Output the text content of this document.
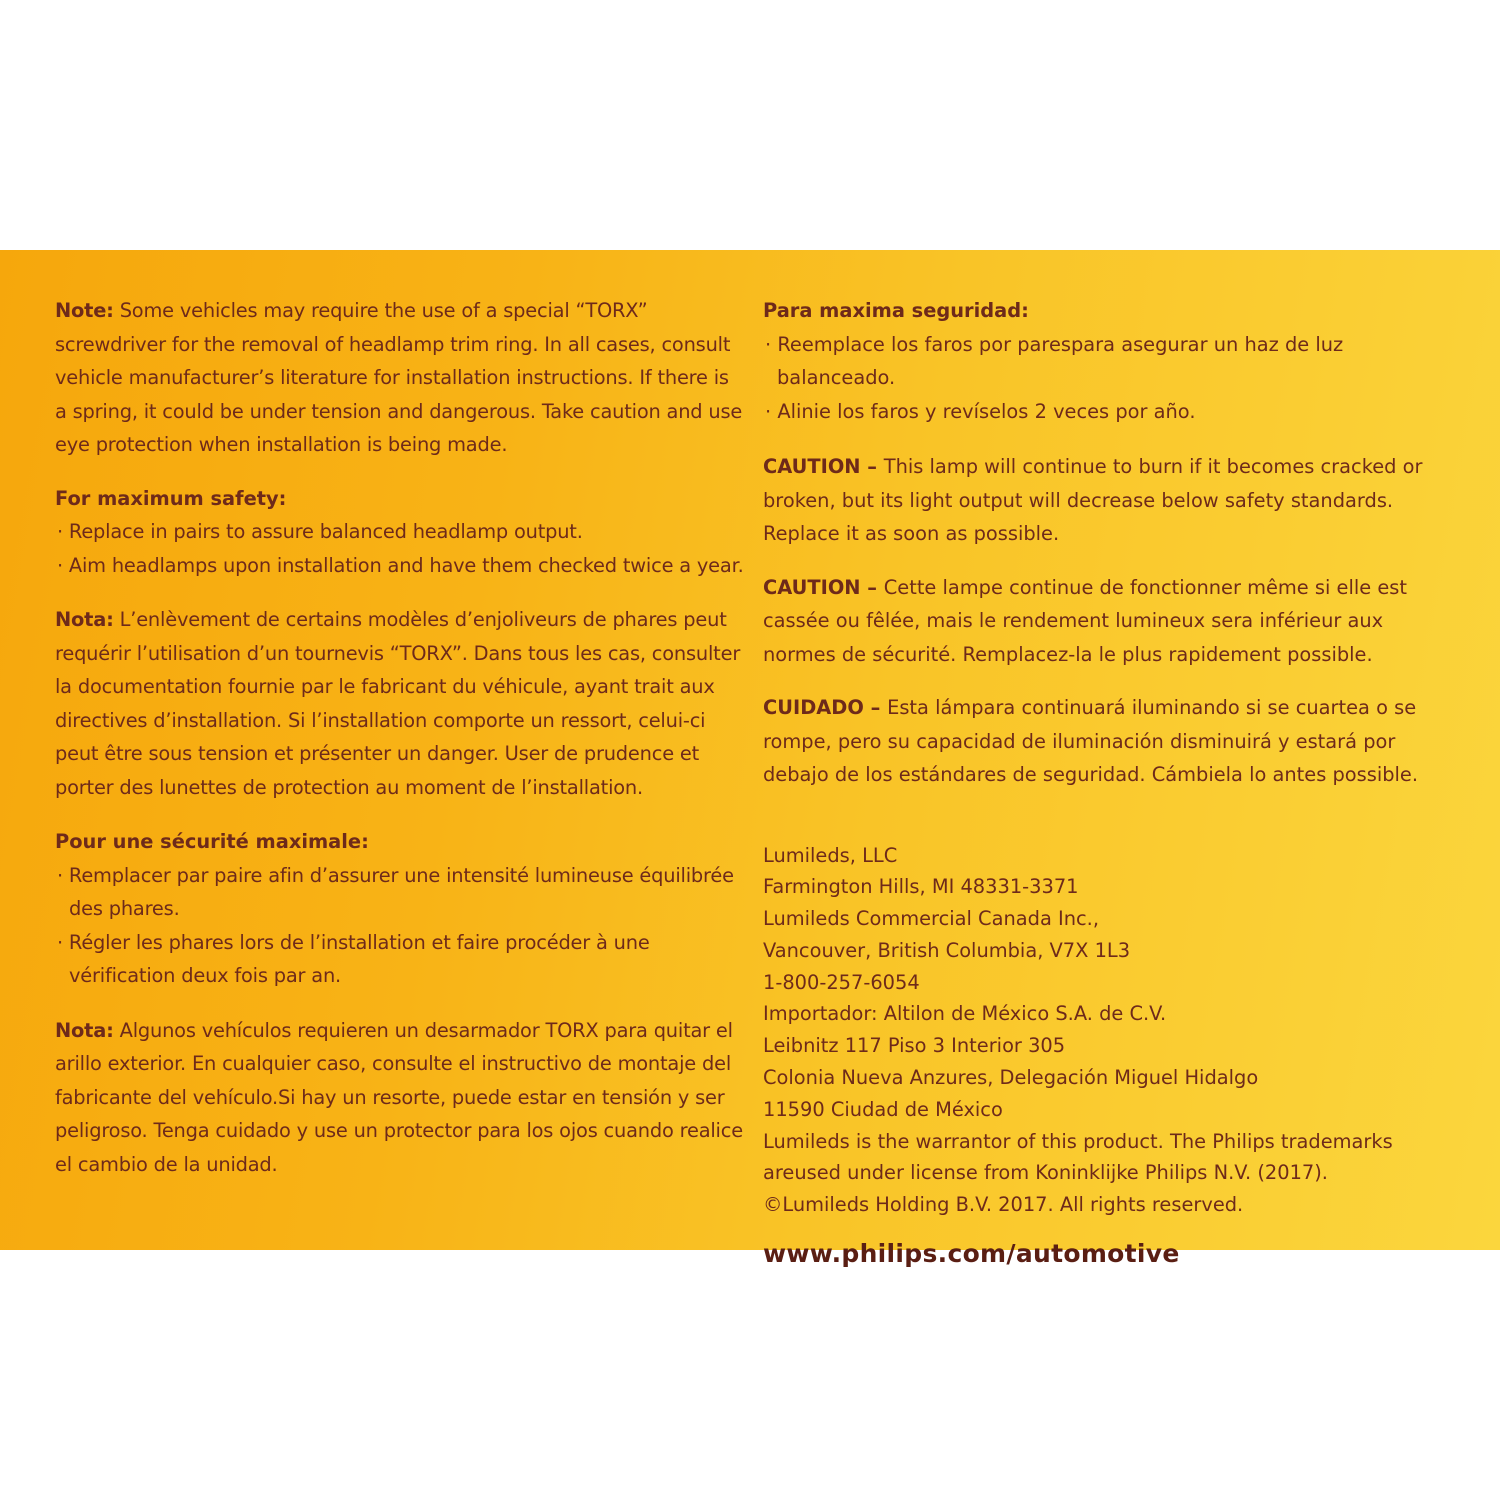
Note: Some vehicles may require the use of a special “TORX” screwdriver for the removal of headlamp trim ring. In all cases, consult vehicle manufacturer’s literature for installation instructions. If there is a spring, it could be under tension and dangerous. Take caution and use eye protection when installation is being made.

For maximum safety:

· Replace in pairs to assure balanced headlamp output.

· Aim headlamps upon installation and have them checked twice a year.

Nota: L’enlèvement de certains modèles d’enjoliveurs de phares peut requérir l’utilisation d’un tournevis “TORX”. Dans tous les cas, consulter la documentation fournie par le fabricant du véhicule, ayant trait aux directives d’installation. Si l’installation comporte un ressort, celui-ci peut être sous tension et présenter un danger. User de prudence et porter des lunettes de protection au moment de l’installation.

Pour une sécurité maximale:

· Remplacer par paire afin d’assurer une intensité lumineuse équilibrée des phares.

· Régler les phares lors de l’installation et faire procéder à une vérification deux fois par an.

Nota: Algunos vehículos requieren un desarmador TORX para quitar el arillo exterior. En cualquier caso, consulte el instructivo de montaje del fabricante del vehículo.Si hay un resorte, puede estar en tensión y ser peligroso. Tenga cuidado y use un protector para los ojos cuando realice el cambio de la unidad.

Para maxima seguridad:

· Reemplace los faros por parespara asegurar un haz de luz balanceado.

· Alinie los faros y revíselos 2 veces por año.

CAUTION – This lamp will continue to burn if it becomes cracked or broken, but its light output will decrease below safety standards. Replace it as soon as possible.

CAUTION – Cette lampe continue de fonctionner même si elle est cassée ou fêlée, mais le rendement lumineux sera inférieur aux normes de sécurité. Remplacez-la le plus rapidement possible.

CUIDADO – Esta lámpara continuará iluminando si se cuartea o se rompe, pero su capacidad de iluminación disminuirá y estará por debajo de los estándares de seguridad. Cámbiela lo antes possible.

Lumileds, LLC

Farmington Hills, MI 48331-3371

Lumileds Commercial Canada Inc.,

Vancouver, British Columbia, V7X 1L3

1-800-257-6054

Importador: Altilon de México S.A. de C.V.

Leibnitz 117 Piso 3 Interior 305

Colonia Nueva Anzures, Delegación Miguel Hidalgo

11590 Ciudad de México

Lumileds is the warrantor of this product. The Philips trademarks

areused under license from Koninklijke Philips N.V. (2017).

©Lumileds Holding B.V. 2017. All rights reserved.

www.philips.com/automotive
